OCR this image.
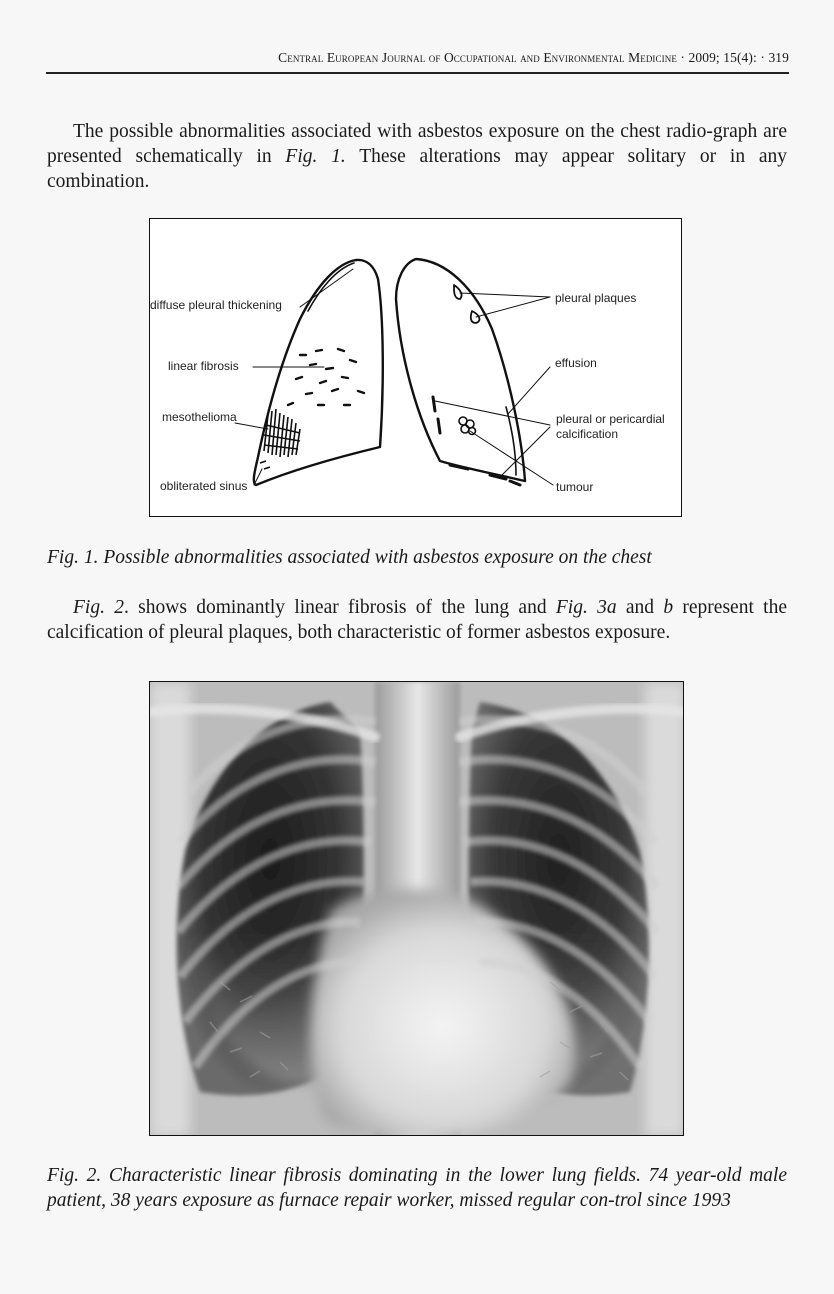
Central European Journal of Occupational and Environmental Medicine · 2009; 15(4): · 319

The possible abnormalities associated with asbestos exposure on the chest radio-graph are presented schematically in Fig. 1. These alterations may appear solitary or in any combination.

diffuse pleural thickening
linear fibrosis
mesothelioma
obliterated sinus
pleural plaques
effusion
pleural or pericardial
calcification
tumour

Fig. 1. Possible abnormalities associated with asbestos exposure on the chest

Fig. 2. shows dominantly linear fibrosis of the lung and Fig. 3a and b represent the calcification of pleural plaques, both characteristic of former asbestos exposure.

Fig. 2. Characteristic linear fibrosis dominating in the lower lung fields. 74 year-old male patient, 38 years exposure as furnace repair worker, missed regular con-trol since 1993
